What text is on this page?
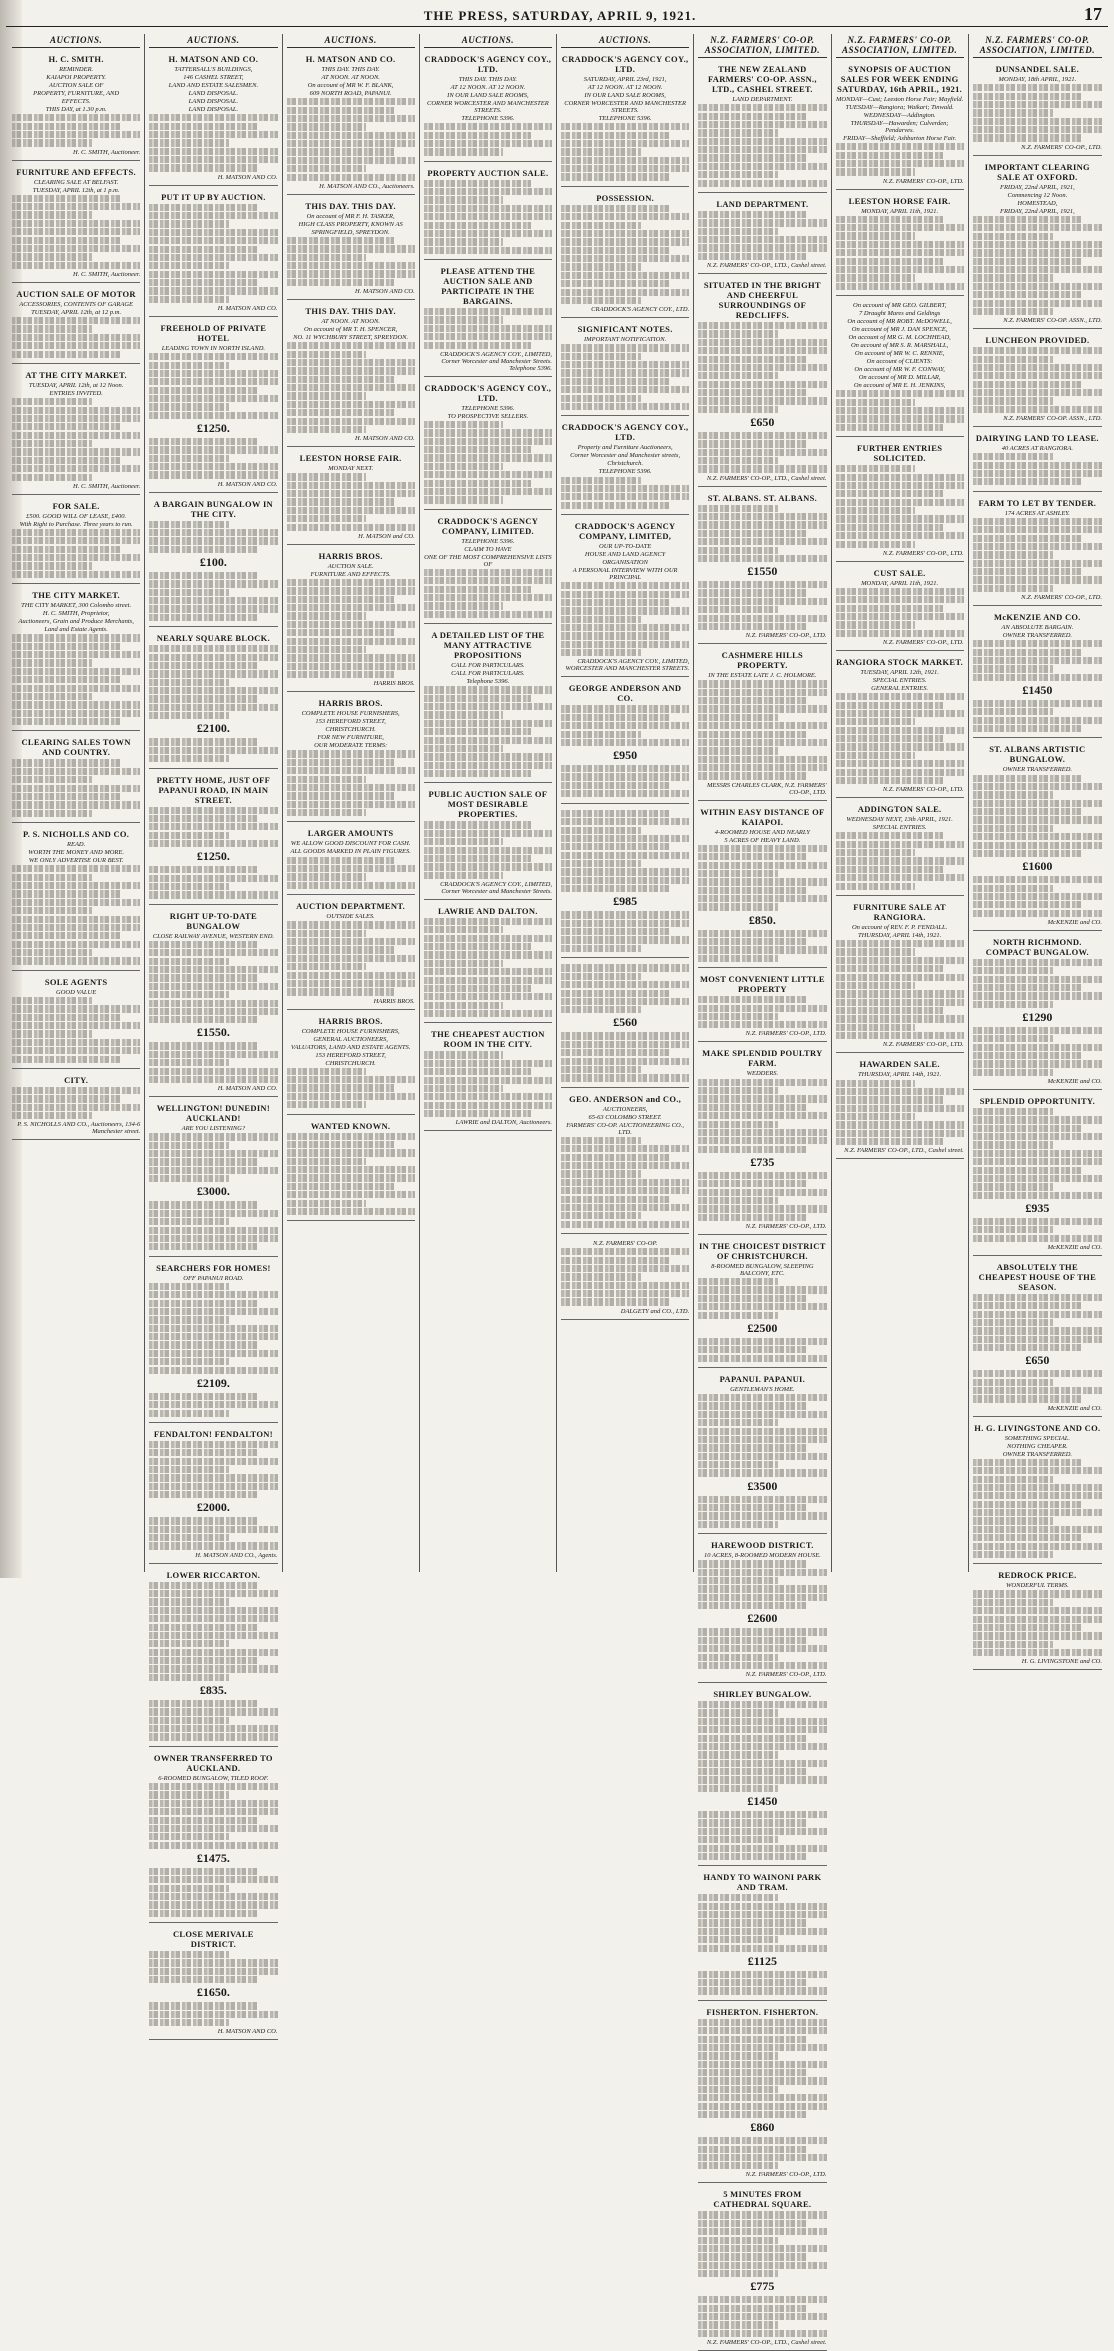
THE PRESS, SATURDAY, APRIL 9, 1921.	17
AUCTIONS.
H. C. SMITH.
REMINDER.
KAIAPOI PROPERTY.
AUCTION SALE OF
PROPERTY, FURNITURE, AND
EFFECTS.
THIS DAY, at 1.30 p.m.
H. C. SMITH, Auctioneer.
FURNITURE AND EFFECTS.
CLEARING SALE AT BELFAST.
TUESDAY, APRIL 12th, at 1 p.m.
H. C. SMITH, Auctioneer.
AUCTION SALE OF MOTOR
ACCESSORIES, CONTENTS OF GARAGE
TUESDAY, APRIL 12th, at 12 p.m.
AT THE CITY MARKET.
TUESDAY, APRIL 12th, at 12 Noon.
ENTRIES INVITED.
H. C. SMITH, Auctioneer.
FOR SALE.
£500. GOOD WILL OF LEASE, £400.
With Right to Purchase. Three years to run.
THE CITY MARKET.
THE CITY MARKET, 300 Colombo street.
H. C. SMITH, Proprietor,
Auctioneers, Grain and Produce Merchants,
Land and Estate Agents.
CLEARING SALES TOWN AND COUNTRY.
P. S. NICHOLLS AND CO.
READ.
WORTH THE MONEY AND MORE.
WE ONLY ADVERTISE OUR BEST.
SOLE AGENTS
GOOD VALUE
CITY.
P. S. NICHOLLS AND CO., Auctioneers, 134-6 Manchester street.
AUCTIONS.
H. MATSON AND CO.
TATTERSALL'S BUILDINGS,
146 CASHEL STREET,
LAND AND ESTATE SALESMEN.
LAND DISPOSAL.
LAND DISPOSAL.
LAND DISPOSAL.
H. MATSON AND CO.
PUT IT UP BY AUCTION.
H. MATSON AND CO.
FREEHOLD OF PRIVATE HOTEL
LEADING TOWN IN NORTH ISLAND.
£1250.
H. MATSON AND CO.
A BARGAIN BUNGALOW IN THE CITY.
£100.
NEARLY SQUARE BLOCK.
£2100.
PRETTY HOME, JUST OFF PAPANUI ROAD, IN MAIN STREET.
£1250.
RIGHT UP-TO-DATE BUNGALOW
CLOSE RAILWAY AVENUE, WESTERN END.
£1550.
H. MATSON AND CO.
WELLINGTON! DUNEDIN! AUCKLAND!
ARE YOU LISTENING?
£3000.
SEARCHERS FOR HOMES!
OFF PAPANUI ROAD.
£2109.
FENDALTON! FENDALTON!
£2000.
H. MATSON AND CO., Agents.
LOWER RICCARTON.
£835.
OWNER TRANSFERRED TO AUCKLAND.
6-ROOMED BUNGALOW, TILED ROOF.
£1475.
CLOSE MERIVALE DISTRICT.
£1650.
H. MATSON AND CO.
AUCTIONS.
H. MATSON AND CO.
THIS DAY. THIS DAY.
AT NOON. AT NOON.
On account of MR W. F. BLANK,
609 NORTH ROAD, PAPANUI.
H. MATSON AND CO., Auctioneers.
THIS DAY. THIS DAY.
On account of MR F. H. TASKER,
HIGH CLASS PROPERTY, KNOWN AS
SPRINGFIELD, SPREYDON.
H. MATSON AND CO.
THIS DAY. THIS DAY.
AT NOON. AT NOON.
On account of MR T. H. SPENCER,
NO. 11 WYCHBURY STREET, SPREYDON.
H. MATSON AND CO.
LEESTON HORSE FAIR.
MONDAY NEXT.
H. MATSON and CO.
HARRIS BROS.
AUCTION SALE.
FURNITURE AND EFFECTS.
HARRIS BROS.
HARRIS BROS.
COMPLETE HOUSE FURNISHERS,
153 HEREFORD STREET,
CHRISTCHURCH.
FOR NEW FURNITURE,
OUR MODERATE TERMS:
LARGER AMOUNTS
WE ALLOW GOOD DISCOUNT FOR CASH.
ALL GOODS MARKED IN PLAIN FIGURES.
AUCTION DEPARTMENT.
OUTSIDE SALES.
HARRIS BROS.
HARRIS BROS.
COMPLETE HOUSE FURNISHERS,
GENERAL AUCTIONEERS,
VALUATORS, LAND AND ESTATE AGENTS.
153 HEREFORD STREET,
CHRISTCHURCH.
WANTED KNOWN.
AUCTIONS.
CRADDOCK'S AGENCY COY., LTD.
THIS DAY. THIS DAY.
AT 12 NOON. AT 12 NOON.
IN OUR LAND SALE ROOMS,
CORNER WORCESTER AND MANCHESTER STREETS.
TELEPHONE 5396.
PROPERTY AUCTION SALE.
PLEASE ATTEND THE AUCTION SALE AND PARTICIPATE IN THE BARGAINS.
CRADDOCK'S AGENCY COY., LIMITED, Corner Worcester and Manchester Streets. Telephone 5396.
CRADDOCK'S AGENCY COY., LTD.
TELEPHONE 5396.
TO PROSPECTIVE SELLERS.
CRADDOCK'S AGENCY COMPANY, LIMITED.
TELEPHONE 5396.
CLAIM TO HAVE
ONE OF THE MOST COMPREHENSIVE LISTS OF
A DETAILED LIST OF THE MANY ATTRACTIVE PROPOSITIONS
CALL FOR PARTICULARS.
CALL FOR PARTICULARS.
Telephone 5396.
PUBLIC AUCTION SALE OF MOST DESIRABLE PROPERTIES.
CRADDOCK'S AGENCY COY., LIMITED, Corner Worcester and Manchester Streets.
LAWRIE AND DALTON.
THE CHEAPEST AUCTION ROOM IN THE CITY.
LAWRIE and DALTON, Auctioneers.
AUCTIONS.
CRADDOCK'S AGENCY COY., LTD.
SATURDAY, APRIL 23rd, 1921,
AT 12 NOON. AT 12 NOON.
IN OUR LAND SALE ROOMS,
CORNER WORCESTER AND MANCHESTER STREETS.
TELEPHONE 5396.
POSSESSION.
CRADDOCK'S AGENCY COY., LTD.
SIGNIFICANT NOTES.
IMPORTANT NOTIFICATION.
CRADDOCK'S AGENCY COY., LTD.
Property and Furniture Auctioneers,
Corner Worcester and Manchester streets,
Christchurch.
TELEPHONE 5396.
CRADDOCK'S AGENCY COMPANY, LIMITED,
OUR UP-TO-DATE
HOUSE AND LAND AGENCY
ORGANISATION
A PERSONAL INTERVIEW WITH OUR PRINCIPAL
CRADDOCK'S AGENCY COY., LIMITED, WORCESTER AND MANCHESTER STREETS.
GEORGE ANDERSON AND CO.
£950
£985
£560
GEO. ANDERSON and CO.,
AUCTIONEERS,
65-63 COLOMBO STREET.
FARMERS' CO-OP. AUCTIONEERING CO., LTD.
N.Z. FARMERS' CO-OP.
DALGETY and CO., LTD.
N.Z. FARMERS' CO-OP. ASSOCIATION, LIMITED.
THE NEW ZEALAND FARMERS' CO-OP. ASSN., LTD., CASHEL STREET.
LAND DEPARTMENT.
LAND DEPARTMENT.
N.Z. FARMERS' CO-OP., LTD., Cashel street.
SITUATED IN THE BRIGHT AND CHEERFUL SURROUNDINGS OF REDCLIFFS.
£650
N.Z. FARMERS' CO-OP., LTD., Cashel street.
ST. ALBANS. ST. ALBANS.
£1550
N.Z. FARMERS' CO-OP., LTD.
CASHMERE HILLS PROPERTY.
IN THE ESTATE LATE J. C. HOLMORE.
MESSRS CHARLES CLARK, N.Z. FARMERS' CO-OP., LTD.
WITHIN EASY DISTANCE OF KAIAPOI.
4-ROOMED HOUSE AND NEARLY
5 ACRES OF HEAVY LAND.
£850.
MOST CONVENIENT LITTLE PROPERTY
N.Z. FARMERS' CO-OP., LTD.
MAKE SPLENDID POULTRY FARM.
WEDDERS.
£735
N.Z. FARMERS' CO-OP., LTD.
IN THE CHOICEST DISTRICT OF CHRISTCHURCH.
8-ROOMED BUNGALOW, SLEEPING BALCONY, ETC.
£2500
PAPANUI. PAPANUI.
GENTLEMAN'S HOME.
£3500
HAREWOOD DISTRICT.
10 ACRES, 8-ROOMED MODERN HOUSE.
£2600
N.Z. FARMERS' CO-OP., LTD.
SHIRLEY BUNGALOW.
£1450
HANDY TO WAINONI PARK AND TRAM.
£1125
FISHERTON. FISHERTON.
£860
N.Z. FARMERS' CO-OP., LTD.
5 MINUTES FROM CATHEDRAL SQUARE.
£775
N.Z. FARMERS' CO-OP., LTD., Cashel street.
N.Z. FARMERS' CO-OP. ASSOCIATION, LIMITED.
SYNOPSIS OF AUCTION SALES FOR WEEK ENDING SATURDAY, 16th APRIL, 1921.
MONDAY—Cust; Leeston Horse Fair; Mayfield.
TUESDAY—Rangiora; Waikari; Tinwald.
WEDNESDAY—Addington.
THURSDAY—Hawarden; Culverden; Pendarves.
FRIDAY—Sheffield; Ashburton Horse Fair.
N.Z. FARMERS' CO-OP., LTD.
LEESTON HORSE FAIR.
MONDAY, APRIL 11th, 1921.
On account of MR GEO. GILBERT,
7 Draught Mares and Geldings
On account of MR ROBT. McDOWELL,
On account of MR J. DAN SPENCE,
On account of MR G. M. LOCHHEAD,
On account of MR S. R. MARSHALL,
On account of MR W. C. RENNIE,
On account of CLIENTS:
On account of MR W. F. CONWAY,
On account of MR D. MILLAR,
On account of MR E. H. JENKINS,
FURTHER ENTRIES SOLICITED.
N.Z. FARMERS' CO-OP., LTD.
CUST SALE.
MONDAY, APRIL 11th, 1921.
N.Z. FARMERS' CO-OP., LTD.
RANGIORA STOCK MARKET.
TUESDAY, APRIL 12th, 1921.
SPECIAL ENTRIES.
GENERAL ENTRIES.
N.Z. FARMERS' CO-OP., LTD.
ADDINGTON SALE.
WEDNESDAY NEXT, 13th APRIL, 1921.
SPECIAL ENTRIES.
FURNITURE SALE AT RANGIORA.
On account of REV. F. P. FENDALL.
THURSDAY, APRIL 14th, 1921.
N.Z. FARMERS' CO-OP., LTD.
HAWARDEN SALE.
THURSDAY, APRIL 14th, 1921.
N.Z. FARMERS' CO-OP., LTD., Cashel street.
N.Z. FARMERS' CO-OP. ASSOCIATION, LIMITED.
DUNSANDEL SALE.
MONDAY, 18th APRIL, 1921.
N.Z. FARMERS' CO-OP., LTD.
IMPORTANT CLEARING SALE AT OXFORD.
FRIDAY, 22nd APRIL, 1921,
Commencing 12 Noon.
HOMESTEAD,
FRIDAY, 22nd APRIL, 1921,
N.Z. FARMERS' CO-OP. ASSN., LTD.
LUNCHEON PROVIDED.
N.Z. FARMERS' CO-OP. ASSN., LTD.
DAIRYING LAND TO LEASE.
40 ACRES AT RANGIORA.
FARM TO LET BY TENDER.
174 ACRES AT ASHLEY.
N.Z. FARMERS' CO-OP., LTD.
McKENZIE AND CO.
AN ABSOLUTE BARGAIN.
OWNER TRANSFERRED.
£1450
ST. ALBANS ARTISTIC BUNGALOW.
OWNER TRANSFERRED.
£1600
McKENZIE and CO.
NORTH RICHMOND. COMPACT BUNGALOW.
£1290
McKENZIE and CO.
SPLENDID OPPORTUNITY.
£935
McKENZIE and CO.
ABSOLUTELY THE CHEAPEST HOUSE OF THE SEASON.
£650
McKENZIE and CO.
H. G. LIVINGSTONE AND CO.
SOMETHING SPECIAL.
NOTHING CHEAPER.
OWNER TRANSFERRED.
REDROCK PRICE.
WONDERFUL TERMS.
H. G. LIVINGSTONE and CO.
